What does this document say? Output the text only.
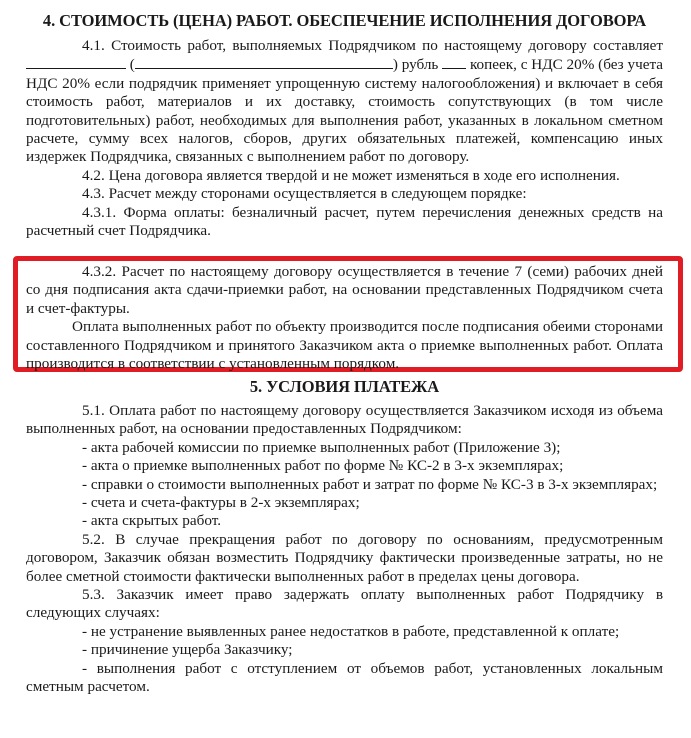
4. СТОИМОСТЬ (ЦЕНА) РАБОТ. ОБЕСПЕЧЕНИЕ ИСПОЛНЕНИЯ ДОГОВОРА

4.1. Стоимость работ, выполняемых Подрядчиком по настоящему договору составляет  (	) рубль  копеек, с НДС 20% (без учета НДС 20% если подрядчик применяет упрощенную систему налогообложения) и включает в себя стоимость работ, материалов и их доставку, стоимость сопутствующих (в том числе подготовительных) работ, необходимых для выполнения работ, указанных в локальном сметном расчете, сумму всех налогов, сборов, других обязательных платежей, компенсацию иных издержек Подрядчика, связанных с выполнением работ по договору.

4.2. Цена договора является твердой и не может изменяться в ходе его исполнения.

4.3. Расчет между сторонами осуществляется в следующем порядке:

4.3.1. Форма оплаты: безналичный расчет, путем перечисления денежных средств на расчетный счет Подрядчика.

4.3.2. Расчет по настоящему договору осуществляется в течение 7 (семи) рабочих дней со дня подписания акта сдачи-приемки работ, на основании представленных Подрядчиком счета и счет-фактуры.

Оплата выполненных работ по объекту производится после подписания обеими сторонами составленного Подрядчиком и принятого Заказчиком акта о приемке выполненных работ. Оплата производится в соответствии с установленным порядком.

5. УСЛОВИЯ ПЛАТЕЖА

5.1. Оплата работ по настоящему договору осуществляется Заказчиком исходя из объема выполненных работ, на основании предоставленных Подрядчиком:

- акта рабочей комиссии по приемке выполненных работ (Приложение 3);

- акта о приемке выполненных работ по форме № КС-2 в 3-х экземплярах;

- справки о стоимости выполненных работ и затрат по форме № КС-3 в 3-х экземплярах;

- счета и счета-фактуры в 2-х экземплярах;

- акта скрытых работ.

5.2. В случае прекращения работ по договору по основаниям, предусмотренным договором, Заказчик обязан возместить Подрядчику фактически произведенные затраты, но не более сметной стоимости фактически выполненных работ в пределах цены договора.

5.3. Заказчик имеет право задержать оплату выполненных работ Подрядчику в следующих случаях:

- не устранение выявленных ранее недостатков в работе, представленной к оплате;

- причинение ущерба Заказчику;

- выполнения работ с отступлением от объемов работ, установленных локальным сметным расчетом.
